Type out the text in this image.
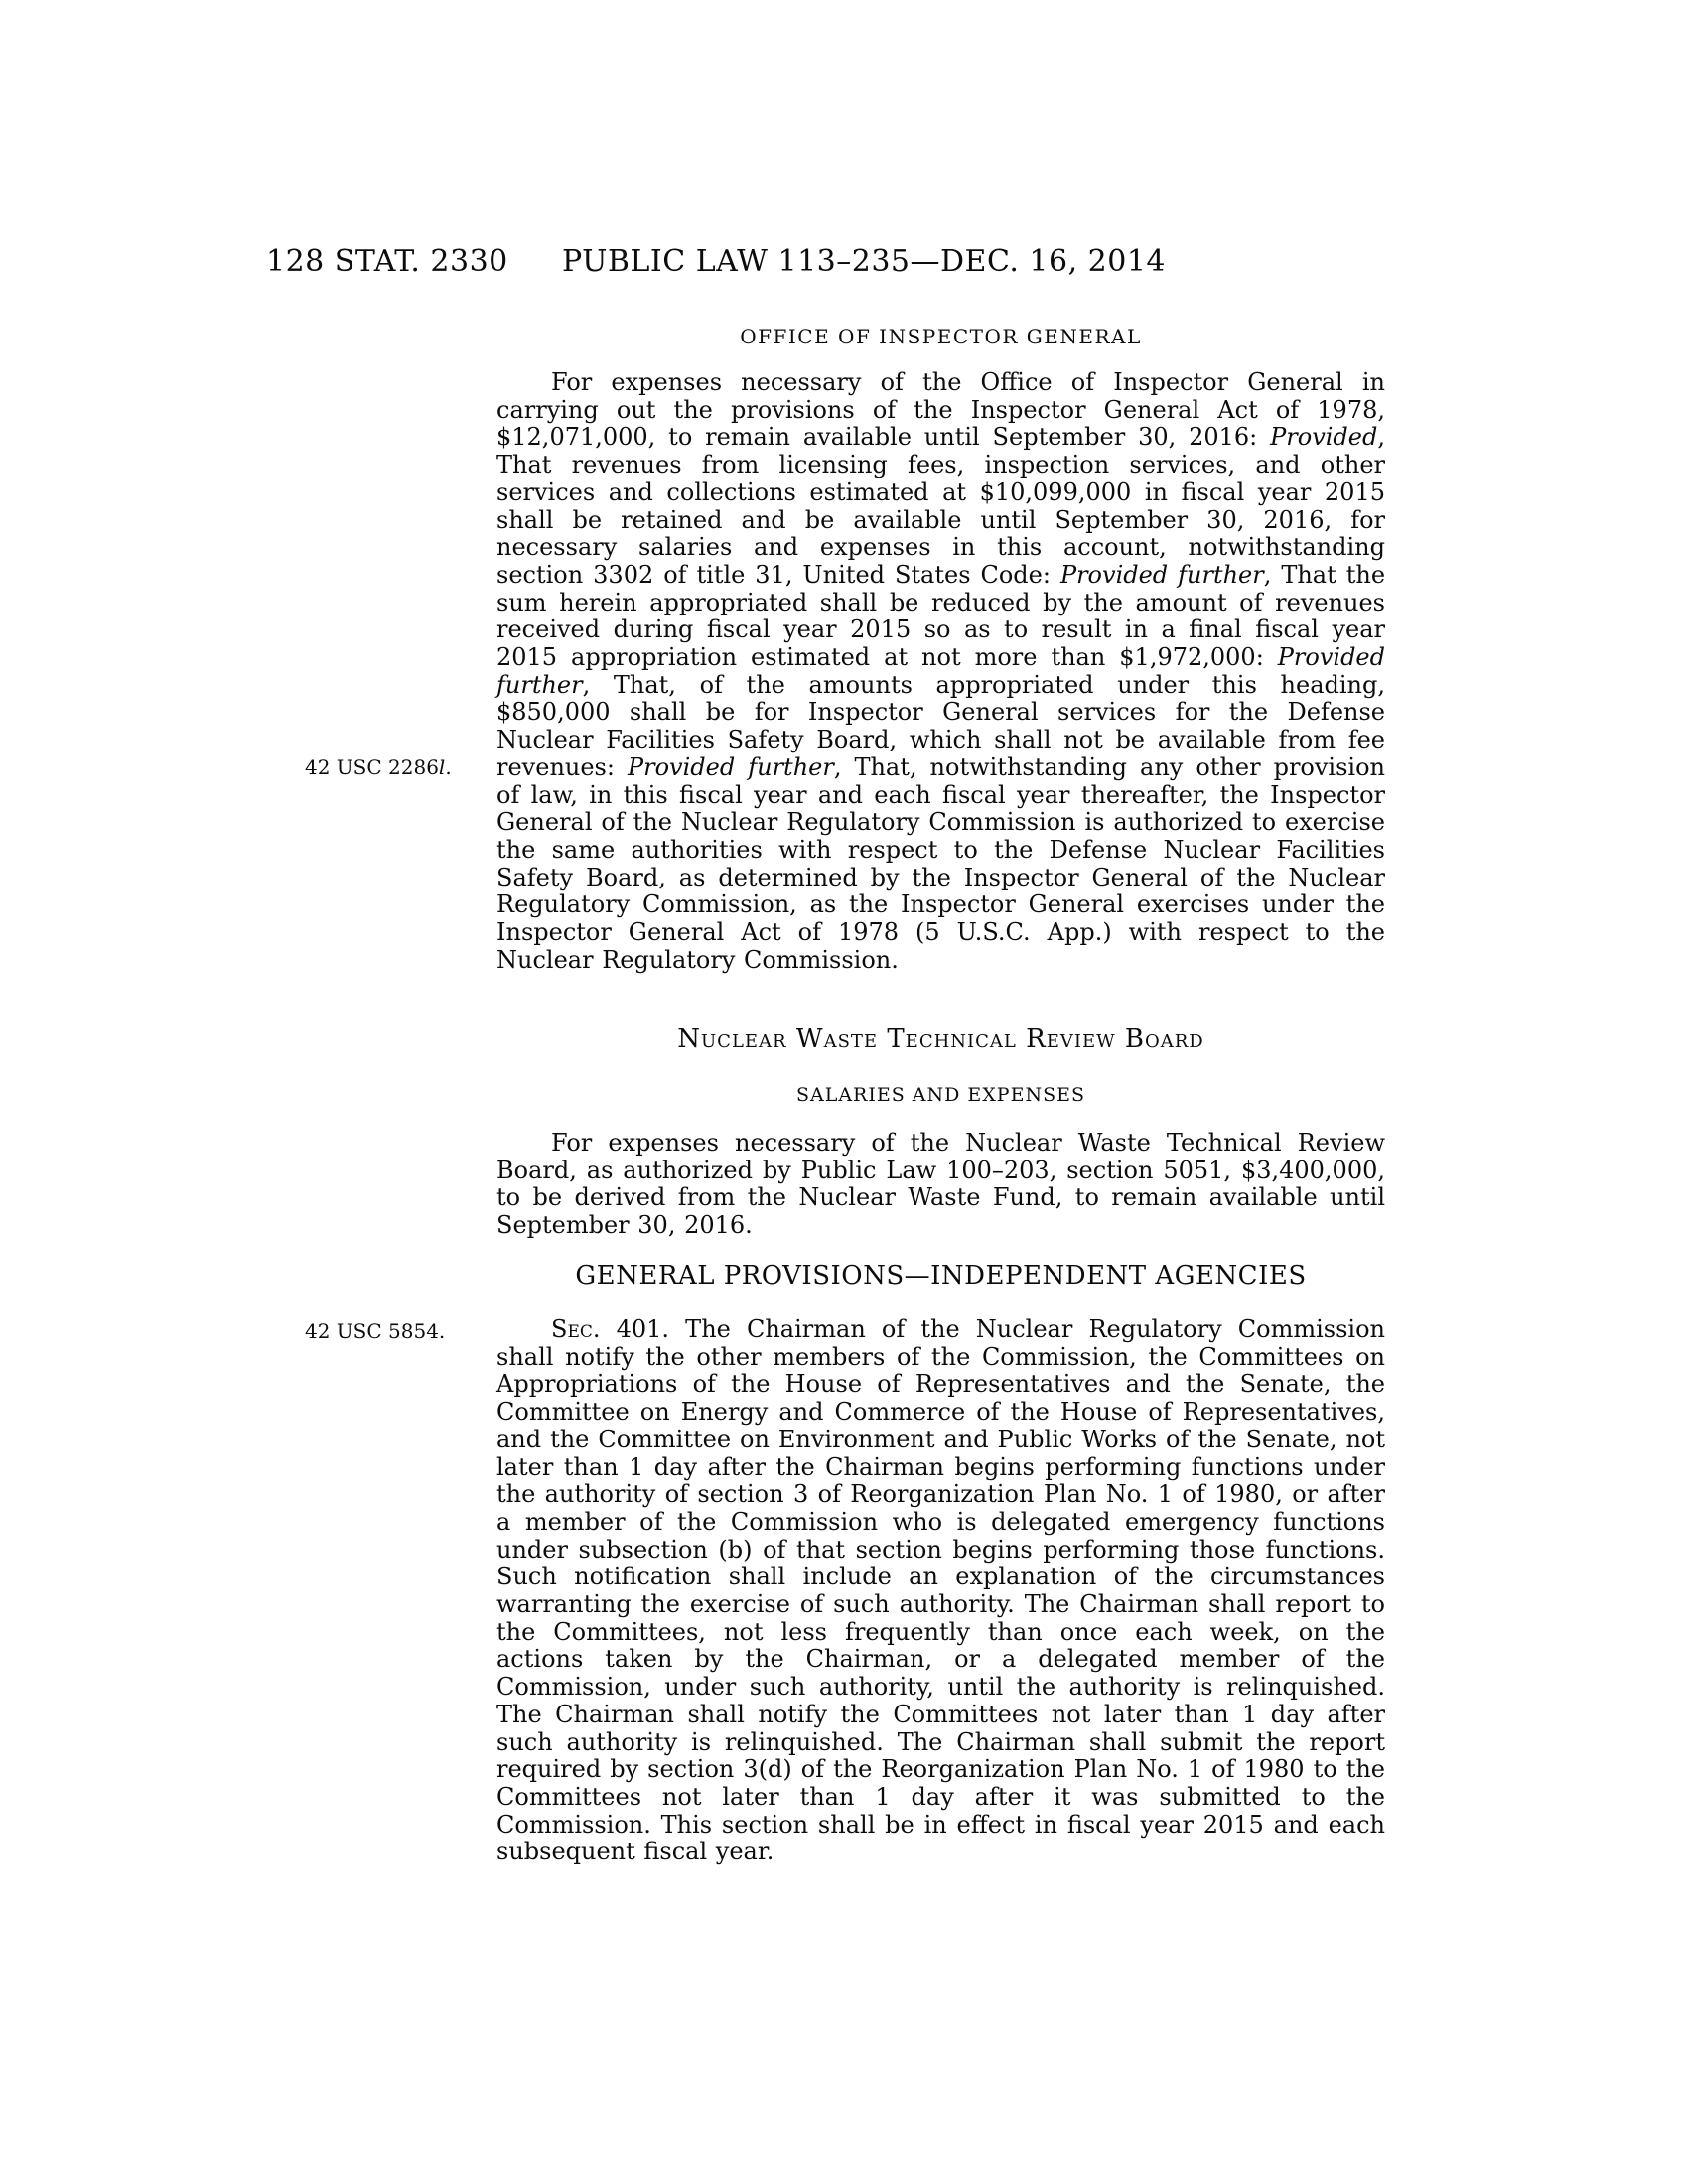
128 STAT. 2330	PUBLIC LAW 113–235—DEC. 16, 2014
OFFICE OF INSPECTOR GENERAL
For expenses necessary of the Office of Inspector General in carrying out the provisions of the Inspector General Act of 1978, $12,071,000, to remain available until September 30, 2016: Provided, That revenues from licensing fees, inspection services, and other services and collections estimated at $10,099,000 in fiscal year 2015 shall be retained and be available until September 30, 2016, for necessary salaries and expenses in this account, notwithstanding section 3302 of title 31, United States Code: Provided further, That the sum herein appropriated shall be reduced by the amount of revenues received during fiscal year 2015 so as to result in a final fiscal year 2015 appropriation estimated at not more than $1,972,000: Provided further, That, of the amounts appropriated under this heading, $850,000 shall be for Inspector General services for the Defense Nuclear Facilities Safety Board, which shall not be available from fee revenues: Provided further, That, notwithstanding any other provision of law, in this fiscal year and each fiscal year thereafter, the Inspector General of the Nuclear Regulatory Commission is authorized to exercise the same authorities with respect to the Defense Nuclear Facilities Safety Board, as determined by the Inspector General of the Nuclear Regulatory Commission, as the Inspector General exercises under the Inspector General Act of 1978 (5 U.S.C. App.) with respect to the Nuclear Regulatory Commission.
42 USC 2286l.
Nuclear Waste Technical Review Board
SALARIES AND EXPENSES
For expenses necessary of the Nuclear Waste Technical Review Board, as authorized by Public Law 100–203, section 5051, $3,400,000, to be derived from the Nuclear Waste Fund, to remain available until September 30, 2016.
GENERAL PROVISIONS—INDEPENDENT AGENCIES
42 USC 5854.	Sec. 401. The Chairman of the Nuclear Regulatory Commission shall notify the other members of the Commission, the Committees on Appropriations of the House of Representatives and the Senate, the Committee on Energy and Commerce of the House of Representatives, and the Committee on Environment and Public Works of the Senate, not later than 1 day after the Chairman begins performing functions under the authority of section 3 of Reorganization Plan No. 1 of 1980, or after a member of the Commission who is delegated emergency functions under subsection (b) of that section begins performing those functions. Such notification shall include an explanation of the circumstances warranting the exercise of such authority. The Chairman shall report to the Committees, not less frequently than once each week, on the actions taken by the Chairman, or a delegated member of the Commission, under such authority, until the authority is relinquished. The Chairman shall notify the Committees not later than 1 day after such authority is relinquished. The Chairman shall submit the report required by section 3(d) of the Reorganization Plan No. 1 of 1980 to the Committees not later than 1 day after it was submitted to the Commission. This section shall be in effect in fiscal year 2015 and each subsequent fiscal year.
